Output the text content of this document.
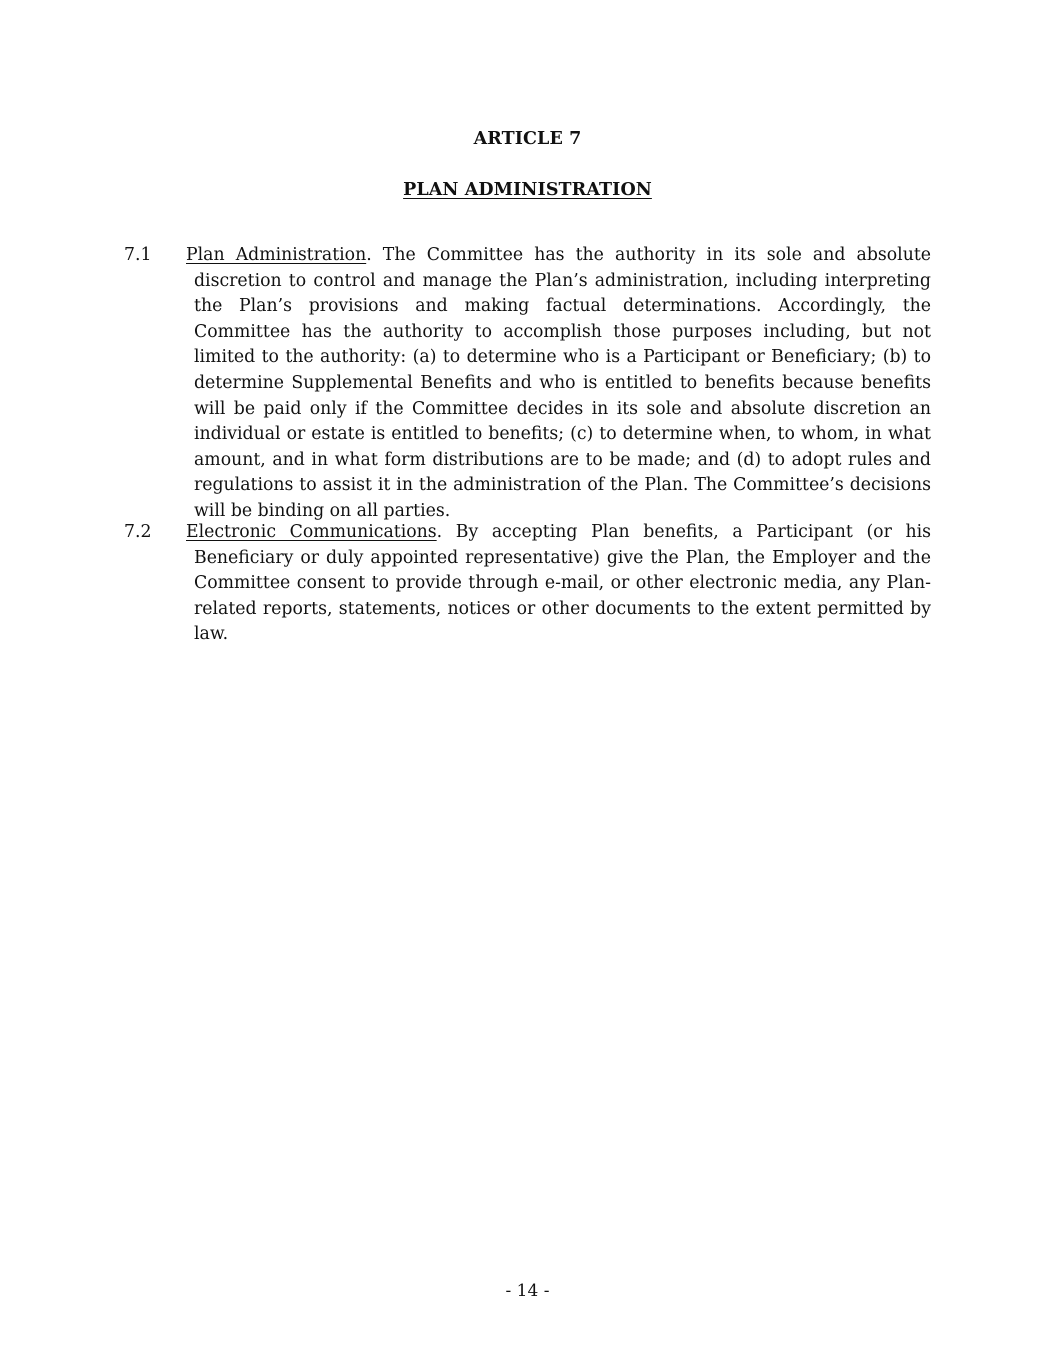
ARTICLE 7
PLAN ADMINISTRATION
7.1 Plan Administration. The Committee has the authority in its sole and absolute discretion to control and manage the Plan’s administration, including interpreting the Plan’s provisions and making factual determinations. Accordingly, the Committee has the authority to accomplish those purposes including, but not limited to the authority: (a) to determine who is a Participant or Beneficiary; (b) to determine Supplemental Benefits and who is entitled to benefits because benefits will be paid only if the Committee decides in its sole and absolute discretion an individual or estate is entitled to benefits; (c) to determine when, to whom, in what amount, and in what form distributions are to be made; and (d) to adopt rules and regulations to assist it in the administration of the Plan. The Committee’s decisions will be binding on all parties.
7.2 Electronic Communications. By accepting Plan benefits, a Participant (or his Beneficiary or duly appointed representative) give the Plan, the Employer and the Committee consent to provide through e-mail, or other electronic media, any Plan-related reports, statements, notices or other documents to the extent permitted by law.
- 14 -
